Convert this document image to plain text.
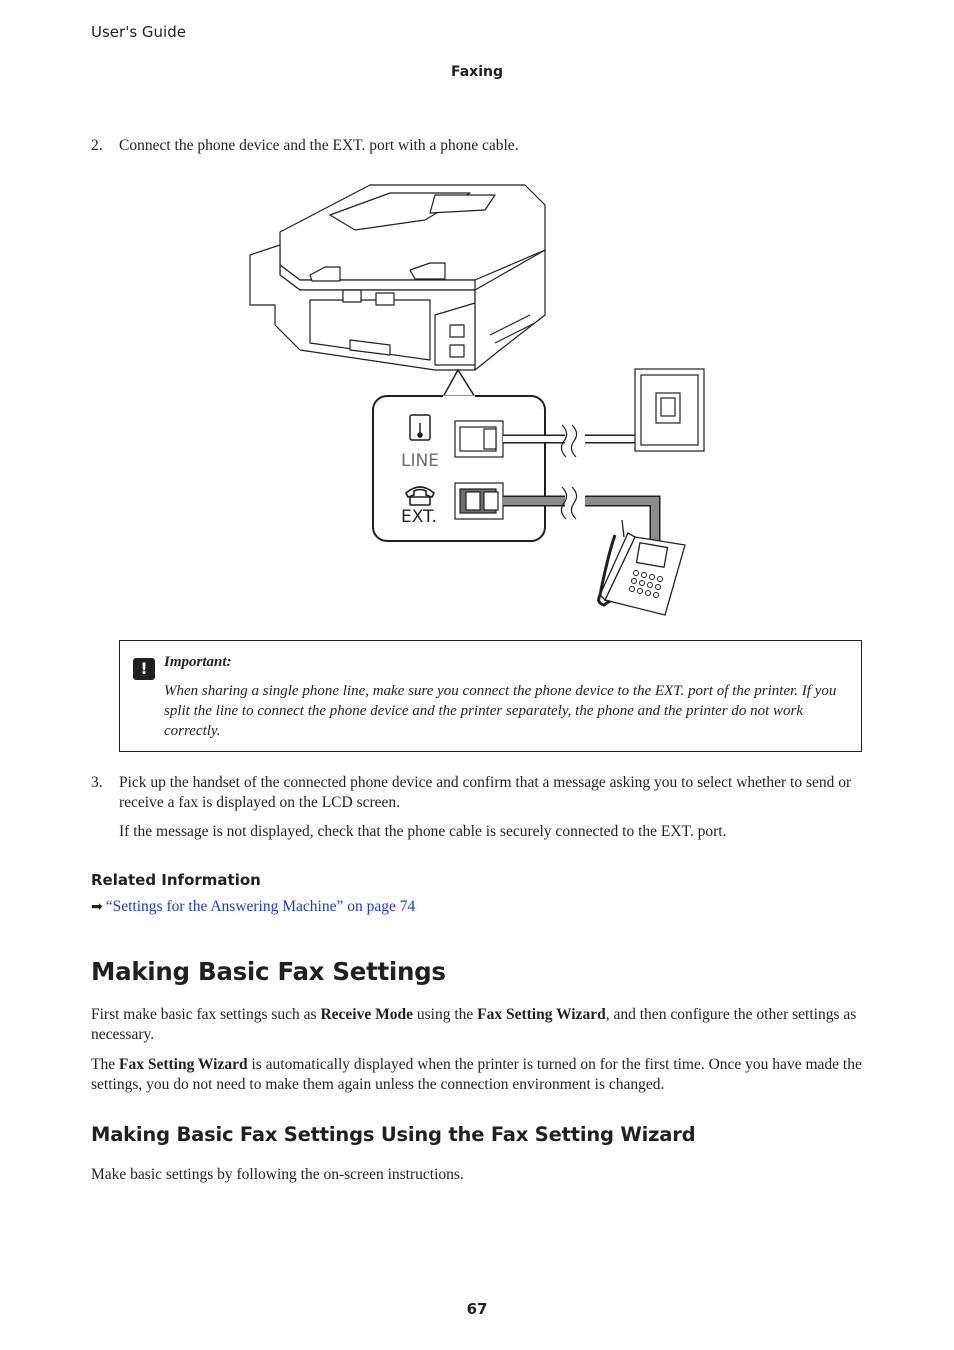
User's Guide
Faxing
2. Connect the phone device and the EXT. port with a phone cable.
LINE
EXT.
!	Important:
When sharing a single phone line, make sure you connect the phone device to the EXT. port of the printer. If you split the line to connect the phone device and the printer separately, the phone and the printer do not work correctly.
3. Pick up the handset of the connected phone device and confirm that a message asking you to select whether to send or receive a fax is displayed on the LCD screen.
If the message is not displayed, check that the phone cable is securely connected to the EXT. port.
Related Information
➡ “Settings for the Answering Machine” on page 74
Making Basic Fax Settings
First make basic fax settings such as Receive Mode using the Fax Setting Wizard, and then configure the other settings as necessary.
The Fax Setting Wizard is automatically displayed when the printer is turned on for the first time. Once you have made the settings, you do not need to make them again unless the connection environment is changed.
Making Basic Fax Settings Using the Fax Setting Wizard
Make basic settings by following the on-screen instructions.
67
